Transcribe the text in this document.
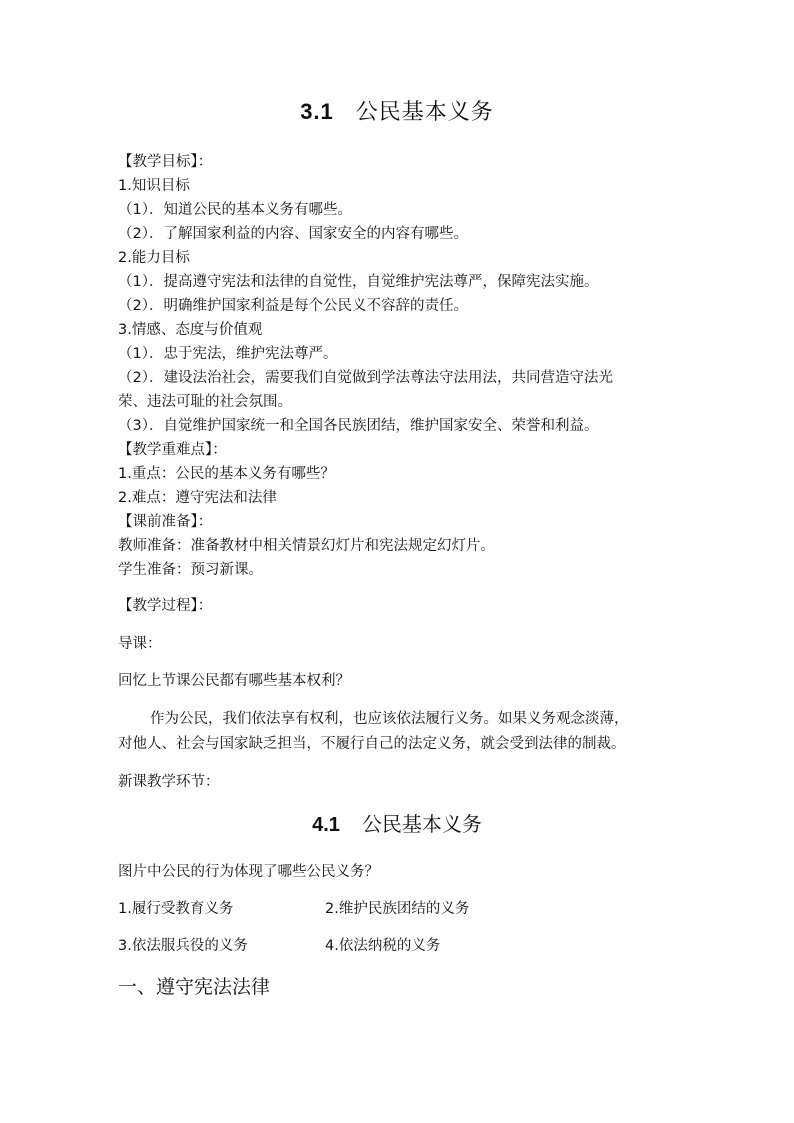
3.1 公民基本义务
【教学目标】：
1.知识目标
（1）．知道公民的基本义务有哪些。
（2）．了解国家利益的内容、国家安全的内容有哪些。
2.能力目标
（1）．提高遵守宪法和法律的自觉性，自觉维护宪法尊严，保障宪法实施。
（2）．明确维护国家利益是每个公民义不容辞的责任。
3.情感、态度与价值观
（1）．忠于宪法，维护宪法尊严。
（2）．建设法治社会，需要我们自觉做到学法尊法守法用法，共同营造守法光
荣、违法可耻的社会氛围。
（3）．自觉维护国家统一和全国各民族团结，维护国家安全、荣誉和利益。
【教学重难点】：
1.重点：公民的基本义务有哪些？
2.难点：遵守宪法和法律
【课前准备】：
教师准备：准备教材中相关情景幻灯片和宪法规定幻灯片。
学生准备：预习新课。
【教学过程】：
导课：
回忆上节课公民都有哪些基本权利？
作为公民，我们依法享有权利，也应该依法履行义务。如果义务观念淡薄，
对他人、社会与国家缺乏担当，不履行自己的法定义务，就会受到法律的制裁。
新课教学环节：
4.1 公民基本义务
图片中公民的行为体现了哪些公民义务？
1.履行受教育义务	2.维护民族团结的义务
3.依法服兵役的义务	4.依法纳税的义务
一、遵守宪法法律
